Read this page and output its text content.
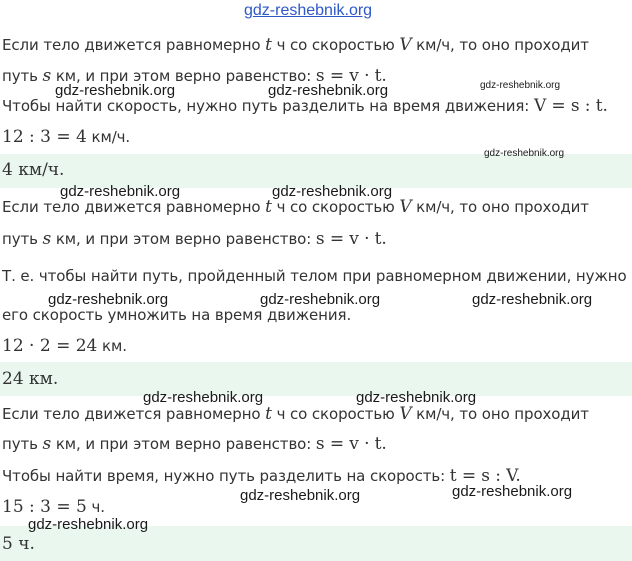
gdz-reshebnik.org
Если тело движется равномерно t ч со скоростью V км/ч, то оно проходит
путь s км, и при этом верно равенство: s = v · t.
Чтобы найти скорость, нужно путь разделить на время движения: V = s : t.
12 : 3 = 4 км/ч.
4 км/ч.
Если тело движется равномерно t ч со скоростью V км/ч, то оно проходит
путь s км, и при этом верно равенство: s = v · t.
Т. е. чтобы найти путь, пройденный телом при равномерном движении, нужно
его скорость умножить на время движения.
12 · 2 = 24 км.
24 км.
Если тело движется равномерно t ч со скоростью V км/ч, то оно проходит
путь s км, и при этом верно равенство: s = v · t.
Чтобы найти время, нужно путь разделить на скорость: t = s : V.
15 : 3 = 5 ч.
5 ч.
gdz-reshebnik.org	gdz-reshebnik.org	gdz-reshebnik.org
gdz-reshebnik.org
gdz-reshebnik.org	gdz-reshebnik.org
gdz-reshebnik.org	gdz-reshebnik.org	gdz-reshebnik.org
gdz-reshebnik.org	gdz-reshebnik.org
gdz-reshebnik.org	gdz-reshebnik.org
gdz-reshebnik.org
